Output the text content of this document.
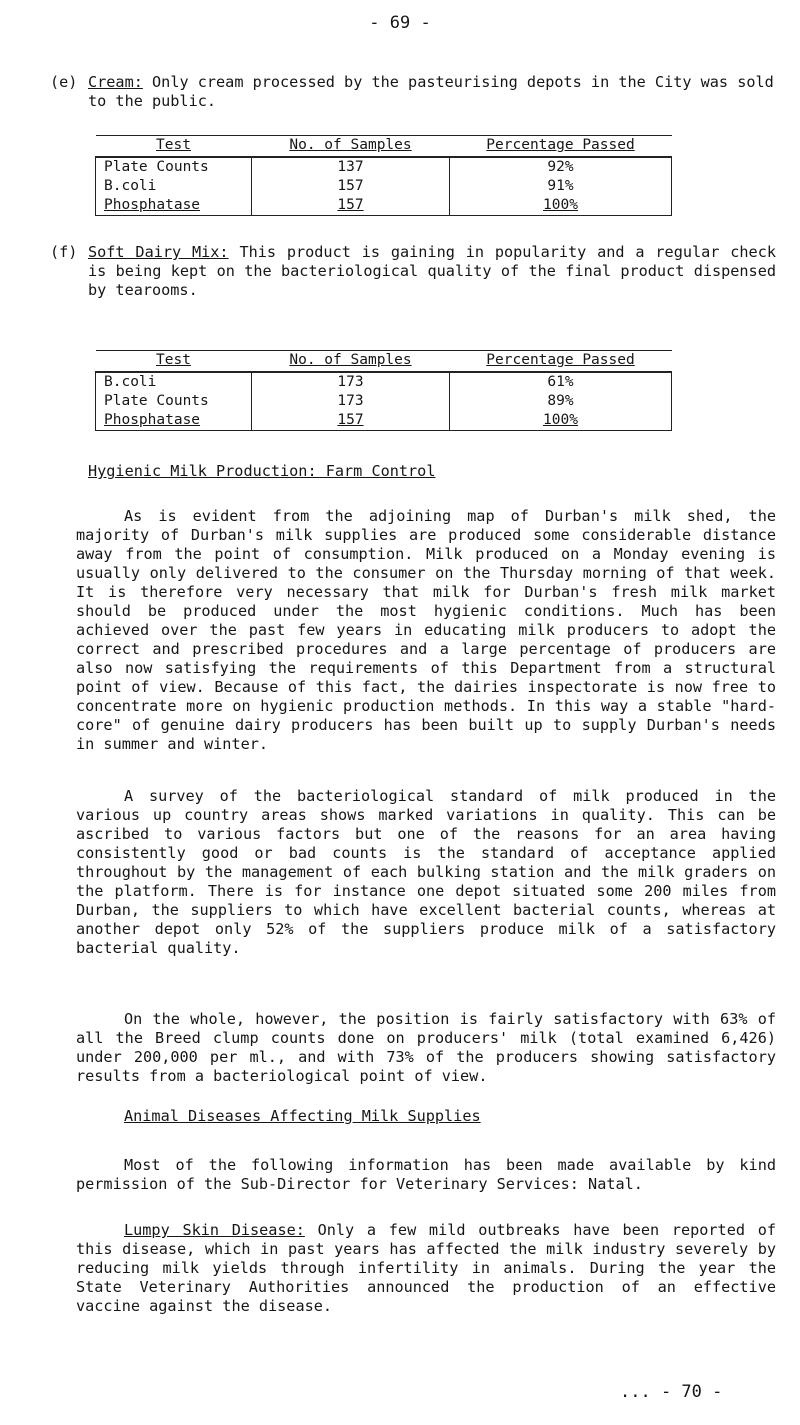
- 69 -
(e) Cream: Only cream processed by the pasteurising depots in the City was sold to the public.
Test	No. of Samples	Percentage Passed
Plate Counts	137	92%
B.coli	157	91%
Phosphatase	157	100%
(f) Soft Dairy Mix: This product is gaining in popularity and a regular check is being kept on the bacteriological quality of the final product dispensed by tearooms.
Test	No. of Samples	Percentage Passed
B.coli	173	61%
Plate Counts	173	89%
Phosphatase	157	100%
Hygienic Milk Production: Farm Control
As is evident from the adjoining map of Durban's milk shed, the majority of Durban's milk supplies are produced some considerable distance away from the point of consumption. Milk produced on a Monday evening is usually only delivered to the consumer on the Thursday morning of that week. It is therefore very necessary that milk for Durban's fresh milk market should be produced under the most hygienic conditions. Much has been achieved over the past few years in educating milk producers to adopt the correct and prescribed procedures and a large percentage of producers are also now satisfying the requirements of this Department from a structural point of view. Because of this fact, the dairies inspectorate is now free to concentrate more on hygienic production methods. In this way a stable "hard-core" of genuine dairy producers has been built up to supply Durban's needs in summer and winter.
A survey of the bacteriological standard of milk produced in the various up country areas shows marked variations in quality. This can be ascribed to various factors but one of the reasons for an area having consistently good or bad counts is the standard of acceptance applied throughout by the management of each bulking station and the milk graders on the platform. There is for instance one depot situated some 200 miles from Durban, the suppliers to which have excellent bacterial counts, whereas at another depot only 52% of the suppliers produce milk of a satisfactory bacterial quality.
On the whole, however, the position is fairly satisfactory with 63% of all the Breed clump counts done on producers' milk (total examined 6,426) under 200,000 per ml., and with 73% of the producers showing satisfactory results from a bacteriological point of view.
Animal Diseases Affecting Milk Supplies
Most of the following information has been made available by kind permission of the Sub-Director for Veterinary Services: Natal.
Lumpy Skin Disease: Only a few mild outbreaks have been reported of this disease, which in past years has affected the milk industry severely by reducing milk yields through infertility in animals. During the year the State Veterinary Authorities announced the production of an effective vaccine against the disease.
... - 70 -
